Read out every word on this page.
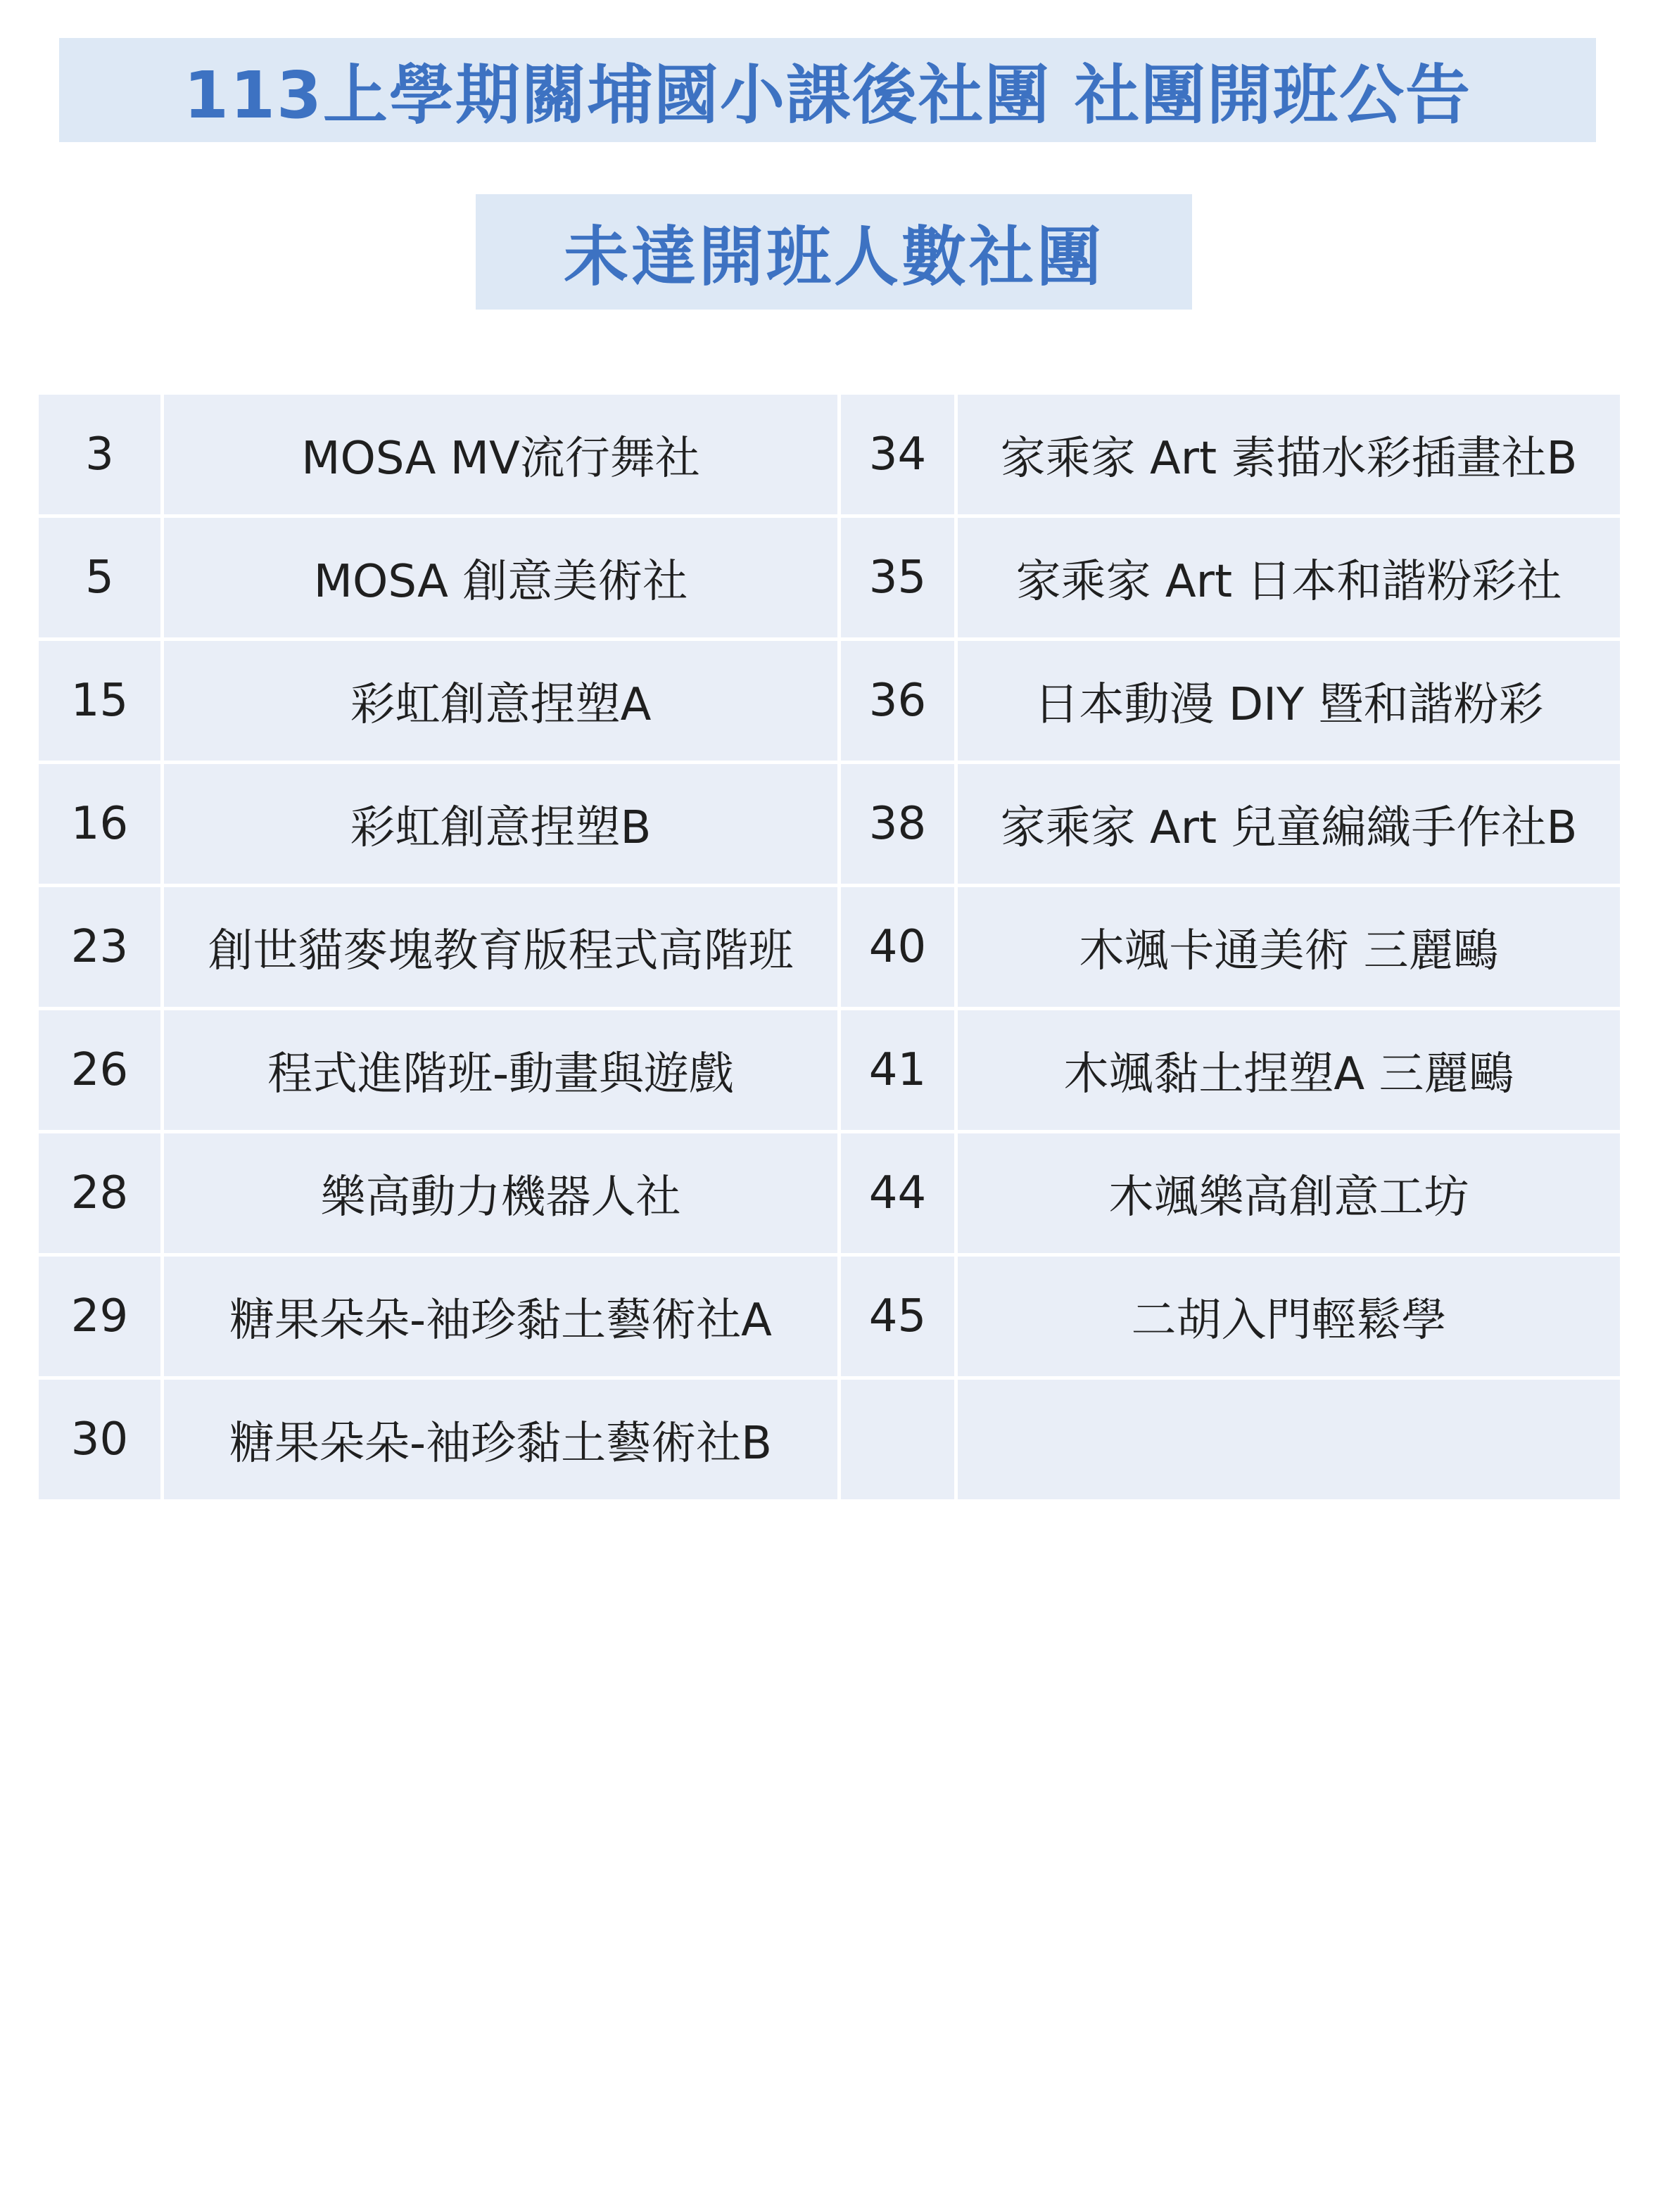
113上學期關埔國小課後社團 社團開班公告
未達開班人數社團
3	MOSA MV流行舞社	34	家乘家 Art 素描水彩插畫社B
5	MOSA 創意美術社	35	家乘家 Art 日本和諧粉彩社
15	彩虹創意捏塑A	36	日本動漫 DIY 暨和諧粉彩
16	彩虹創意捏塑B	38	家乘家 Art 兒童編織手作社B
23	創世貓麥塊教育版程式高階班	40	木颯卡通美術 三麗鷗
26	程式進階班-動畫與遊戲	41	木颯黏土捏塑A 三麗鷗
28	樂高動力機器人社	44	木颯樂高創意工坊
29	糖果朵朵-袖珍黏土藝術社A	45	二胡入門輕鬆學
30	糖果朵朵-袖珍黏土藝術社B		
